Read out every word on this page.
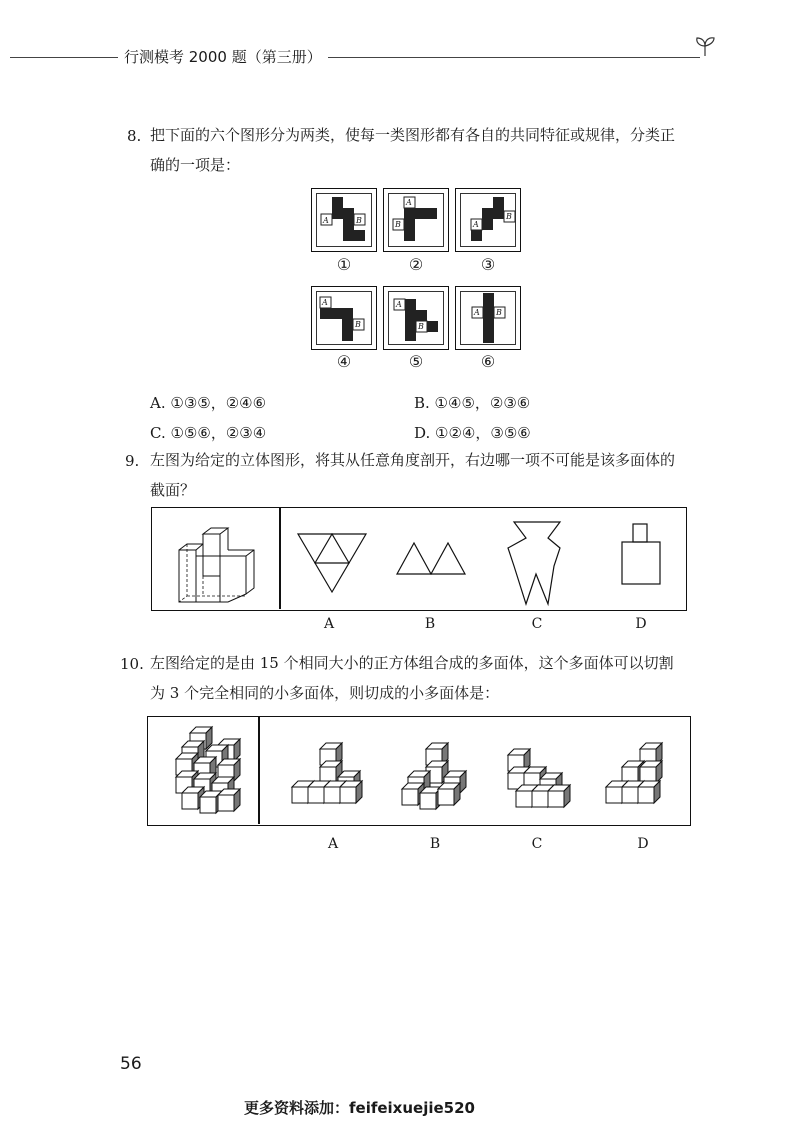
行测模考 2000 题（第三册）
8. 把下面的六个图形分为两类，使每一类图形都有各自的共同特征或规律，分类正
确的一项是：
A	B
A
B	A
B
①	②	③
A
B
A
B
A B
④	⑤	⑥
A. ①③⑤，②④⑥	B. ①④⑤，②③⑥
C. ①⑤⑥，②③④	D. ①②④，③⑤⑥
9. 左图为给定的立体图形，将其从任意角度剖开，右边哪一项不可能是该多面体的
截面？
A	B	C	D
10. 左图给定的是由 15 个相同大小的正方体组合成的多面体，这个多面体可以切割
为 3 个完全相同的小多面体，则切成的小多面体是：
A	B	C	D
56
更多资料添加：feifeixuejie520
